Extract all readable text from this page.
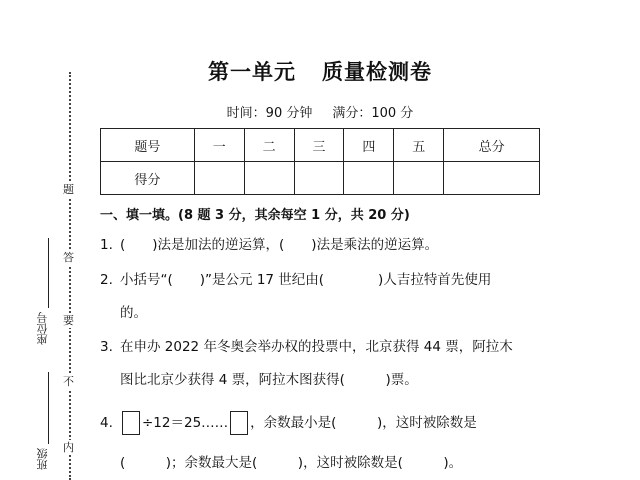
题
答
要
不
内
座位号
班级
第一单元 质量检测卷
时间：90 分钟 满分：100 分
题号	一	二	三	四	五	总分
得分						
一、填一填。(8 题 3 分，其余每空 1 分，共 20 分)
1. (　　)法是加法的逆运算，(　　)法是乘法的逆运算。
2. 小括号“(　　)”是公元 17 世纪由(　　　　)人吉拉特首先使用
的。
3. 在申办 2022 年冬奥会举办权的投票中，北京获得 44 票，阿拉木
图比北京少获得 4 票，阿拉木图获得(　　　)票。
4. ÷12＝25…… ，余数最小是(　　　)，这时被除数是
(　　　)；余数最大是(　　　)，这时被除数是(　　　)。
